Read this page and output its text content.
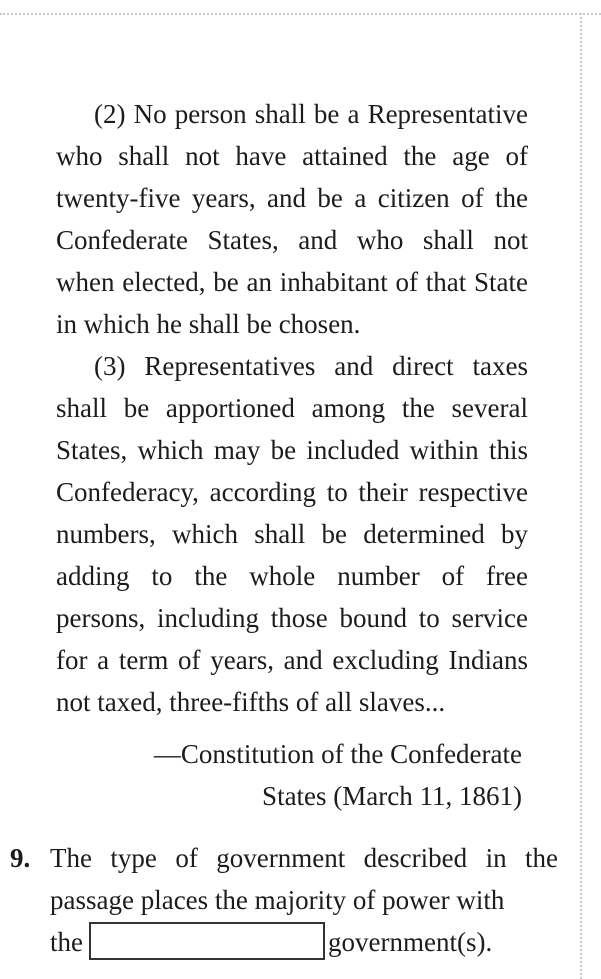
(2) No person shall be a Representative who shall not have attained the age of twenty-five years, and be a citizen of the Confederate States, and who shall not when elected, be an inhabitant of that State in which he shall be chosen.

(3) Representatives and direct taxes shall be apportioned among the several States, which may be included within this Confederacy, according to their respective numbers, which shall be determined by adding to the whole number of free persons, including those bound to service for a term of years, and excluding Indians not taxed, three-fifths of all slaves...

—Constitution of the Confederate
States (March 11, 1861)
9. The type of government described in the passage places the majority of power with
the	government(s).
